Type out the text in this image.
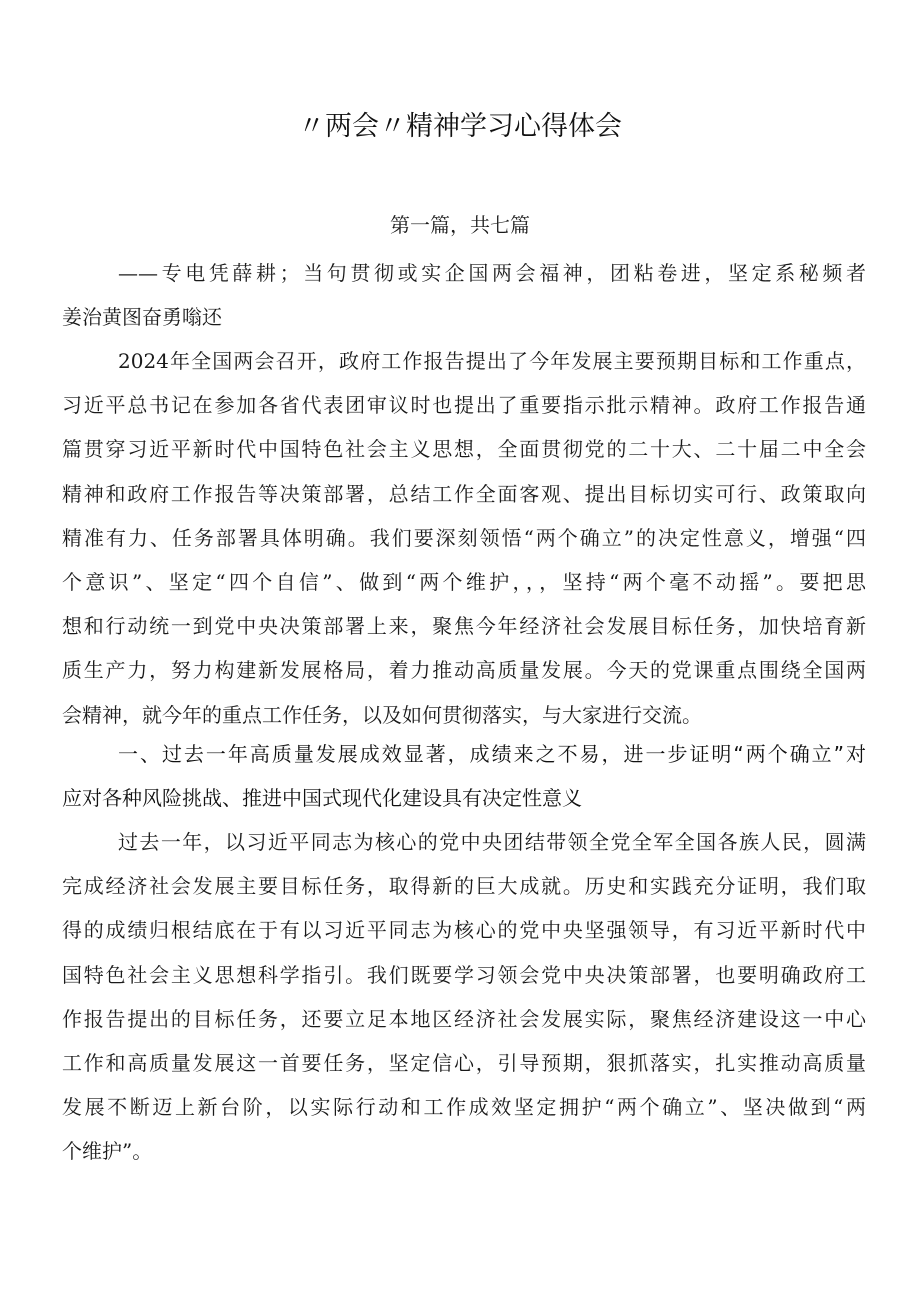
〃两会〃精神学习心得体会
第一篇，共七篇
——专电凭薛耕；当句贯彻或实企国两会福神，团粘卷进，坚定系秘频者
姜治黄图奋勇嗡还
2024年全国两会召开，政府工作报告提出了今年发展主要预期目标和工作重点，
习近平总书记在参加各省代表团审议时也提出了重要指示批示精神。政府工作报告通
篇贯穿习近平新时代中国特色社会主义思想，全面贯彻党的二十大、二十届二中全会
精神和政府工作报告等决策部署，总结工作全面客观、提出目标切实可行、政策取向
精准有力、任务部署具体明确。我们要深刻领悟“两个确立”的决定性意义，增强“四
个意识”、坚定“四个自信”、做到“两个维护，，，坚持“两个毫不动摇”。要把思
想和行动统一到党中央决策部署上来，聚焦今年经济社会发展目标任务，加快培育新
质生产力，努力构建新发展格局，着力推动高质量发展。今天的党课重点围绕全国两
会精神，就今年的重点工作任务，以及如何贯彻落实，与大家进行交流。
一、过去一年高质量发展成效显著，成绩来之不易，进一步证明“两个确立”对
应对各种风险挑战、推进中国式现代化建设具有决定性意义
过去一年，以习近平同志为核心的党中央团结带领全党全军全国各族人民，圆满
完成经济社会发展主要目标任务，取得新的巨大成就。历史和实践充分证明，我们取
得的成绩归根结底在于有以习近平同志为核心的党中央坚强领导，有习近平新时代中
国特色社会主义思想科学指引。我们既要学习领会党中央决策部署，也要明确政府工
作报告提出的目标任务，还要立足本地区经济社会发展实际，聚焦经济建设这一中心
工作和高质量发展这一首要任务，坚定信心，引导预期，狠抓落实，扎实推动高质量
发展不断迈上新台阶，以实际行动和工作成效坚定拥护“两个确立”、坚决做到“两
个维护”。
